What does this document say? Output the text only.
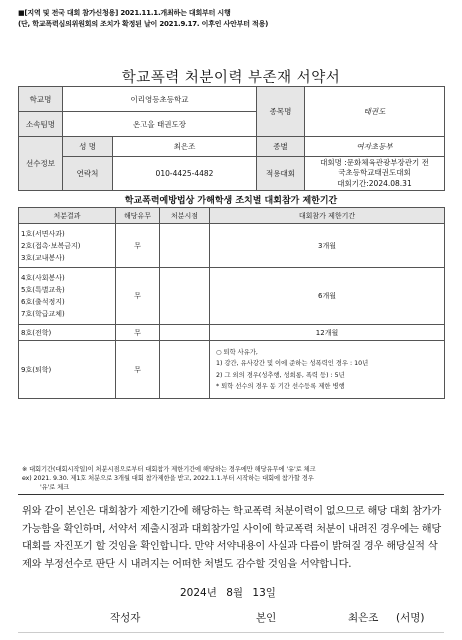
■[지역 및 전국 대회 참가신청용] 2021.11.1.개최하는 대회부터 시행
(단, 학교폭력심의위원회의 조치가 확정된 날이 2021.9.17. 이후인 사안부터 적용)
학교폭력 처분이력 부존재 서약서
학교명	이리영등초등학교		종목명	태권도
소속팀명	온고을 태권도장			
선수정보	성 명	최은조	종별	여자초등부
	연락처	010-4425-4482	적용대회	대회명 :문화체육관광부장관기 전
국초등학교태권도대회
대회기간:2024.08.31
학교폭력예방법상 가해학생 조치별 대회참가 제한기간
처분결과	해당유무	처분시점	대회참가 제한기간

1호(서면사과)
2호(접촉·보복금지)
3호(교내봉사)	무		3개월

4호(사회봉사)
5호(특별교육)
6호(출석정지)
7호(학급교체)	무		6개월

8호(전학)	무		12개월

9호(퇴학)	무		○ 퇴학 사유가,
1) 강간, 유사강간 및 이에 준하는 성폭력인 경우 : 10년
2) 그 외의 경우(성추행, 성희롱, 폭력 등) : 5년
* 퇴학 선수의 경우 동 기간 선수등록 제한 병행
※ 대회기간(대회시작일)이 처분시점으로부터 대회참가 제한기간에 해당하는 경우에만 해당유무에 '유'로 체크
ex) 2021. 9.30. 제1호 처분으로 3개월 대회 참가제한을 받고, 2022.1.1.부터 시작하는 대회에 참가할 경우
'유'로 체크
위와 같이 본인은 대회참가 제한기간에 해당하는 학교폭력 처분이력이 없으므로 해당 대회 참가가 가능함을 확인하며, 서약서 제출시점과 대회참가일 사이에 학교폭력 처분이 내려진 경우에는 해당대회를 자진포기 할 것임을 확인합니다. 만약 서약내용이 사실과 다름이 밝혀질 경우 해당실적 삭제와 부정선수로 판단 시 내려지는 어떠한 처벌도 감수할 것임을 서약합니다.
2024년 8월 13일
작성자	본인	최은조 (서명)
